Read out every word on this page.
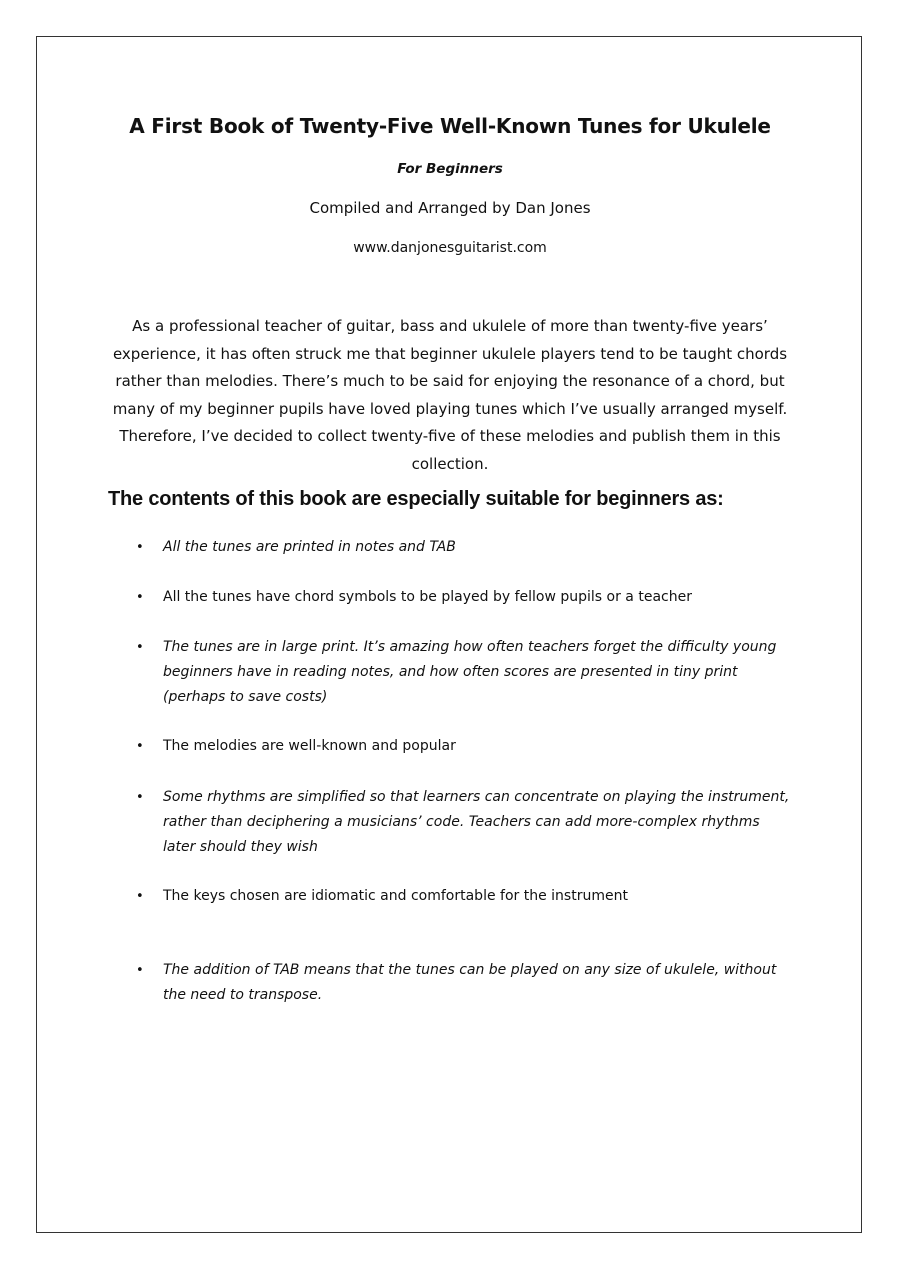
A First Book of Twenty-Five Well-Known Tunes for Ukulele
For Beginners
Compiled and Arranged by Dan Jones
www.danjonesguitarist.com

As a professional teacher of guitar, bass and ukulele of more than twenty-five years’ experience, it has often struck me that beginner ukulele players tend to be taught chords rather than melodies. There’s much to be said for enjoying the resonance of a chord, but many of my beginner pupils have loved playing tunes which I’ve usually arranged myself. Therefore, I’ve decided to collect twenty-five of these melodies and publish them in this collection.

The contents of this book are especially suitable for beginners as:
•	All the tunes are printed in notes and TAB
•	All the tunes have chord symbols to be played by fellow pupils or a teacher
•	The tunes are in large print. It’s amazing how often teachers forget the difficulty young beginners have in reading notes, and how often scores are presented in tiny print (perhaps to save costs)
•	The melodies are well-known and popular
•	Some rhythms are simplified so that learners can concentrate on playing the instrument, rather than deciphering a musicians’ code. Teachers can add more-complex rhythms later should they wish
•	The keys chosen are idiomatic and comfortable for the instrument
•	The addition of TAB means that the tunes can be played on any size of ukulele, without the need to transpose.
